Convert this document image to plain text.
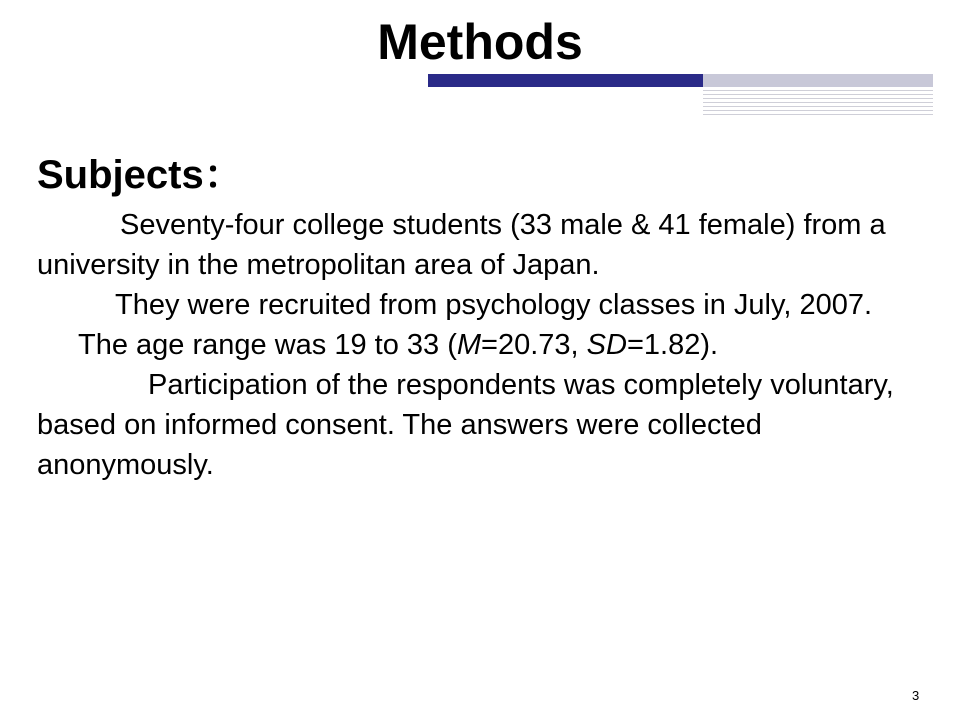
Methods
Subjects：

Seventy-four college students (33 male & 41 female) from a university in the metropolitan area of Japan.

They were recruited from psychology classes in July, 2007. The age range was 19 to 33 (M=20.73, SD=1.82).

Participation of the respondents was completely voluntary, based on informed consent. The answers were collected anonymously.

3
